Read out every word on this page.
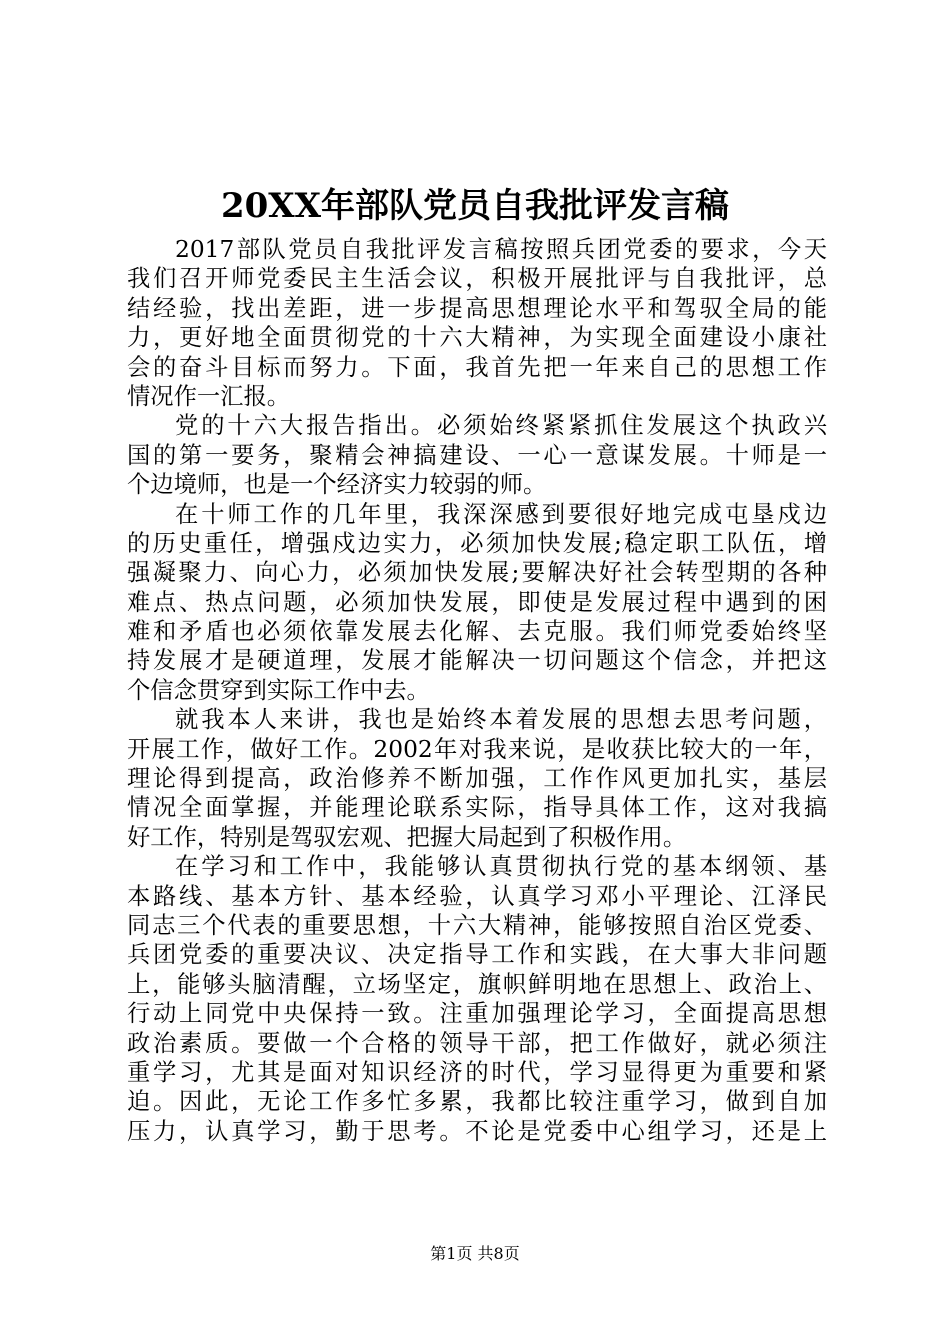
20XX年部队党员自我批评发言稿
2017部队党员自我批评发言稿按照兵团党委的要求，今天
我们召开师党委民主生活会议，积极开展批评与自我批评，总
结经验，找出差距，进一步提高思想理论水平和驾驭全局的能
力，更好地全面贯彻党的十六大精神，为实现全面建设小康社
会的奋斗目标而努力。下面，我首先把一年来自己的思想工作
情况作一汇报。
党的十六大报告指出。必须始终紧紧抓住发展这个执政兴
国的第一要务，聚精会神搞建设、一心一意谋发展。十师是一
个边境师，也是一个经济实力较弱的师。
在十师工作的几年里，我深深感到要很好地完成屯垦戍边
的历史重任，增强戍边实力，必须加快发展;稳定职工队伍，增
强凝聚力、向心力，必须加快发展;要解决好社会转型期的各种
难点、热点问题，必须加快发展，即使是发展过程中遇到的困
难和矛盾也必须依靠发展去化解、去克服。我们师党委始终坚
持发展才是硬道理，发展才能解决一切问题这个信念，并把这
个信念贯穿到实际工作中去。
就我本人来讲，我也是始终本着发展的思想去思考问题，
开展工作，做好工作。2002年对我来说，是收获比较大的一年，
理论得到提高，政治修养不断加强，工作作风更加扎实，基层
情况全面掌握，并能理论联系实际，指导具体工作，这对我搞
好工作，特别是驾驭宏观、把握大局起到了积极作用。
在学习和工作中，我能够认真贯彻执行党的基本纲领、基
本路线、基本方针、基本经验，认真学习邓小平理论、江泽民
同志三个代表的重要思想，十六大精神，能够按照自治区党委、
兵团党委的重要决议、决定指导工作和实践，在大事大非问题
上，能够头脑清醒，立场坚定，旗帜鲜明地在思想上、政治上、
行动上同党中央保持一致。注重加强理论学习，全面提高思想
政治素质。要做一个合格的领导干部，把工作做好，就必须注
重学习，尤其是面对知识经济的时代，学习显得更为重要和紧
迫。因此，无论工作多忙多累，我都比较注重学习，做到自加
压力，认真学习，勤于思考。不论是党委中心组学习，还是上
第1页 共8页
